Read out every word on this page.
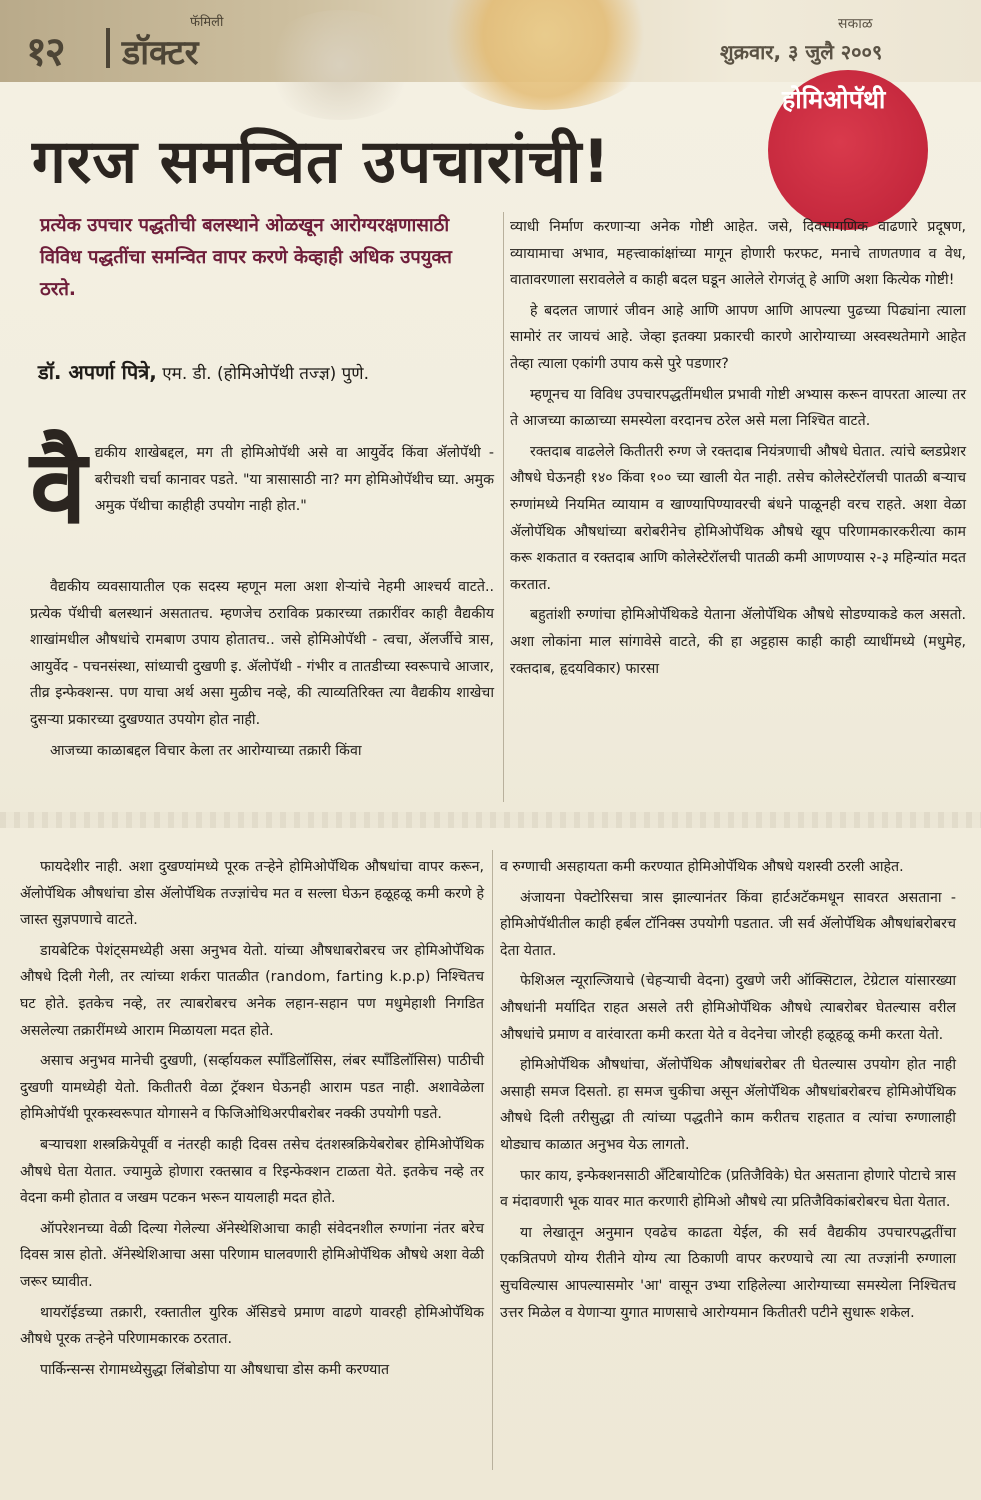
१२
फॅमिली
डॉक्टर
सकाळ
शुक्रवार, ३ जुलै २००९
होमिओपॅथी
गरज समन्वित उपचारांची!
प्रत्येक उपचार पद्धतीची बलस्थाने ओळखून आरोग्यरक्षणासाठी विविध पद्धतींचा समन्वित वापर करणे केव्हाही अधिक उपयुक्त ठरते.
डॉ. अपर्णा पित्रे, एम. डी. (होमिओपॅथी तज्ज्ञ) पुणे.
वै द्यकीय शाखेबद्दल, मग ती होमिओपॅथी असे वा आयुर्वेद किंवा ॲलोपॅथी - बरीचशी चर्चा कानावर पडते. "या त्रासासाठी ना? मग होमिओपॅथीच घ्या. अमुक अमुक पॅथीचा काहीही उपयोग नाही होत."

वैद्यकीय व्यवसायातील एक सदस्य म्हणून मला अशा शेऱ्यांचे नेहमी आश्चर्य वाटते.. प्रत्येक पॅथीची बलस्थानं असतातच. म्हणजेच ठराविक प्रकारच्या तक्रारींवर काही वैद्यकीय शाखांमधील औषधांचे रामबाण उपाय होतातच.. जसे होमिओपॅथी - त्वचा, ॲलर्जीचे त्रास, आयुर्वेद - पचनसंस्था, सांध्याची दुखणी इ. ॲलोपॅथी - गंभीर व तातडीच्या स्वरूपाचे आजार, तीव्र इन्फेक्शन्स. पण याचा अर्थ असा मुळीच नव्हे, की त्याव्यतिरिक्त त्या वैद्यकीय शाखेचा दुसऱ्या प्रकारच्या दुखण्यात उपयोग होत नाही.

आजच्या काळाबद्दल विचार केला तर आरोग्याच्या तक्रारी किंवा

व्याधी निर्माण करणाऱ्या अनेक गोष्टी आहेत. जसे, दिवसागणिक वाढणारे प्रदूषण, व्यायामाचा अभाव, महत्त्वाकांक्षांच्या मागून होणारी फरफट, मनाचे ताणतणाव व वेध, वातावरणाला सरावलेले व काही बदल घडून आलेले रोगजंतू हे आणि अशा कित्येक गोष्टी!

हे बदलत जाणारं जीवन आहे आणि आपण आणि आपल्या पुढच्या पिढ्यांना त्याला सामोरं तर जायचं आहे. जेव्हा इतक्या प्रकारची कारणे आरोग्याच्या अस्वस्थतेमागे आहेत तेव्हा त्याला एकांगी उपाय कसे पुरे पडणार?

म्हणूनच या विविध उपचारपद्धतींमधील प्रभावी गोष्टी अभ्यास करून वापरता आल्या तर ते आजच्या काळाच्या समस्येला वरदानच ठरेल असे मला निश्चित वाटते.

रक्तदाब वाढलेले कितीतरी रुग्ण जे रक्तदाब नियंत्रणाची औषधे घेतात. त्यांचे ब्लडप्रेशर औषधे घेऊनही १४० किंवा १०० च्या खाली येत नाही. तसेच कोलेस्टेरॉलची पातळी बऱ्याच रुग्णांमध्ये नियमित व्यायाम व खाण्यापिण्यावरची बंधने पाळूनही वरच राहते. अशा वेळा ॲलोपॅथिक औषधांच्या बरोबरीनेच होमिओपॅथिक औषधे खूप परिणामकारकरीत्या काम करू शकतात व रक्तदाब आणि कोलेस्टेरॉलची पातळी कमी आणण्यास २-३ महिन्यांत मदत करतात.

बहुतांशी रुग्णांचा होमिओपॅथिकडे येताना ॲलोपॅथिक औषधे सोडण्याकडे कल असतो. अशा लोकांना माल सांगावेसे वाटते, की हा अट्टहास काही काही व्याधींमध्ये (मधुमेह, रक्तदाब, हृदयविकार) फारसा

फायदेशीर नाही. अशा दुखण्यांमध्ये पूरक तऱ्हेने होमिओपॅथिक औषधांचा वापर करून, ॲलोपॅथिक औषधांचा डोस ॲलोपॅथिक तज्ज्ञांचेच मत व सल्ला घेऊन हळूहळू कमी करणे हे जास्त सुज्ञपणाचे वाटते.

डायबेटिक पेशंट्समध्येही असा अनुभव येतो. यांच्या औषधाबरोबरच जर होमिओपॅथिक औषधे दिली गेली, तर त्यांच्या शर्करा पातळीत (random, farting k.p.p) निश्चितच घट होते. इतकेच नव्हे, तर त्याबरोबरच अनेक लहान-सहान पण मधुमेहाशी निगडित असलेल्या तक्रारींमध्ये आराम मिळायला मदत होते.

असाच अनुभव मानेची दुखणी, (सर्व्हायकल स्पाँडिलॉसिस, लंबर स्पाँडिलॉसिस) पाठीची दुखणी यामध्येही येतो. कितीतरी वेळा ट्रॅक्शन घेऊनही आराम पडत नाही. अशावेळेला होमिओपॅथी पूरकस्वरूपात योगासने व फिजिओथिअरपीबरोबर नक्की उपयोगी पडते.

बऱ्याचशा शस्त्रक्रियेपूर्वी व नंतरही काही दिवस तसेच दंतशस्त्रक्रियेबरोबर होमिओपॅथिक औषधे घेता येतात. ज्यामुळे होणारा रक्तस्राव व रिइन्फेक्शन टाळता येते. इतकेच नव्हे तर वेदना कमी होतात व जखम पटकन भरून यायलाही मदत होते.

ऑपरेशनच्या वेळी दिल्या गेलेल्या ॲनेस्थेशिआचा काही संवेदनशील रुग्णांना नंतर बरेच दिवस त्रास होतो. ॲनेस्थेशिआचा असा परिणाम घालवणारी होमिओपॅथिक औषधे अशा वेळी जरूर घ्यावीत.

थायरॉईडच्या तक्रारी, रक्तातील युरिक ॲसिडचे प्रमाण वाढणे यावरही होमिओपॅथिक औषधे पूरक तऱ्हेने परिणामकारक ठरतात.

पार्किन्सन्स रोगामध्येसुद्धा लिंबोडोपा या औषधाचा डोस कमी करण्यात

व रुग्णाची असहायता कमी करण्यात होमिओपॅथिक औषधे यशस्वी ठरली आहेत.

अंजायना पेक्टोरिसचा त्रास झाल्यानंतर किंवा हार्टअटॅकमधून सावरत असताना - होमिओपॅथीतील काही हर्बल टॉनिक्स उपयोगी पडतात. जी सर्व ॲलोपॅथिक औषधांबरोबरच देता येतात.

फेशिअल न्यूराल्जियाचे (चेहऱ्याची वेदना) दुखणे जरी ऑक्सिटाल, टेग्रेटाल यांसारख्या औषधांनी मर्यादित राहत असले तरी होमिओपॅथिक औषधे त्याबरोबर घेतल्यास वरील औषधांचे प्रमाण व वारंवारता कमी करता येते व वेदनेचा जोरही हळूहळू कमी करता येतो.

होमिओपॅथिक औषधांचा, ॲलोपॅथिक औषधांबरोबर ती घेतल्यास उपयोग होत नाही असाही समज दिसतो. हा समज चुकीचा असून ॲलोपॅथिक औषधांबरोबरच होमिओपॅथिक औषधे दिली तरीसुद्धा ती त्यांच्या पद्धतीने काम करीतच राहतात व त्यांचा रुग्णालाही थोड्याच काळात अनुभव येऊ लागतो.

फार काय, इन्फेक्शनसाठी ॲंटिबायोटिक (प्रतिजैविके) घेत असताना होणारे पोटाचे त्रास व मंदावणारी भूक यावर मात करणारी होमिओ औषधे त्या प्रतिजैविकांबरोबरच घेता येतात.

या लेखातून अनुमान एवढेच काढता येईल, की सर्व वैद्यकीय उपचारपद्धतींचा एकत्रितपणे योग्य रीतीने योग्य त्या ठिकाणी वापर करण्याचे त्या त्या तज्ज्ञांनी रुग्णाला सुचविल्यास आपल्यासमोर 'आ' वासून उभ्या राहिलेल्या आरोग्याच्या समस्येला निश्चितच उत्तर मिळेल व येणाऱ्या युगात माणसाचे आरोग्यमान कितीतरी पटीने सुधारू शकेल.
